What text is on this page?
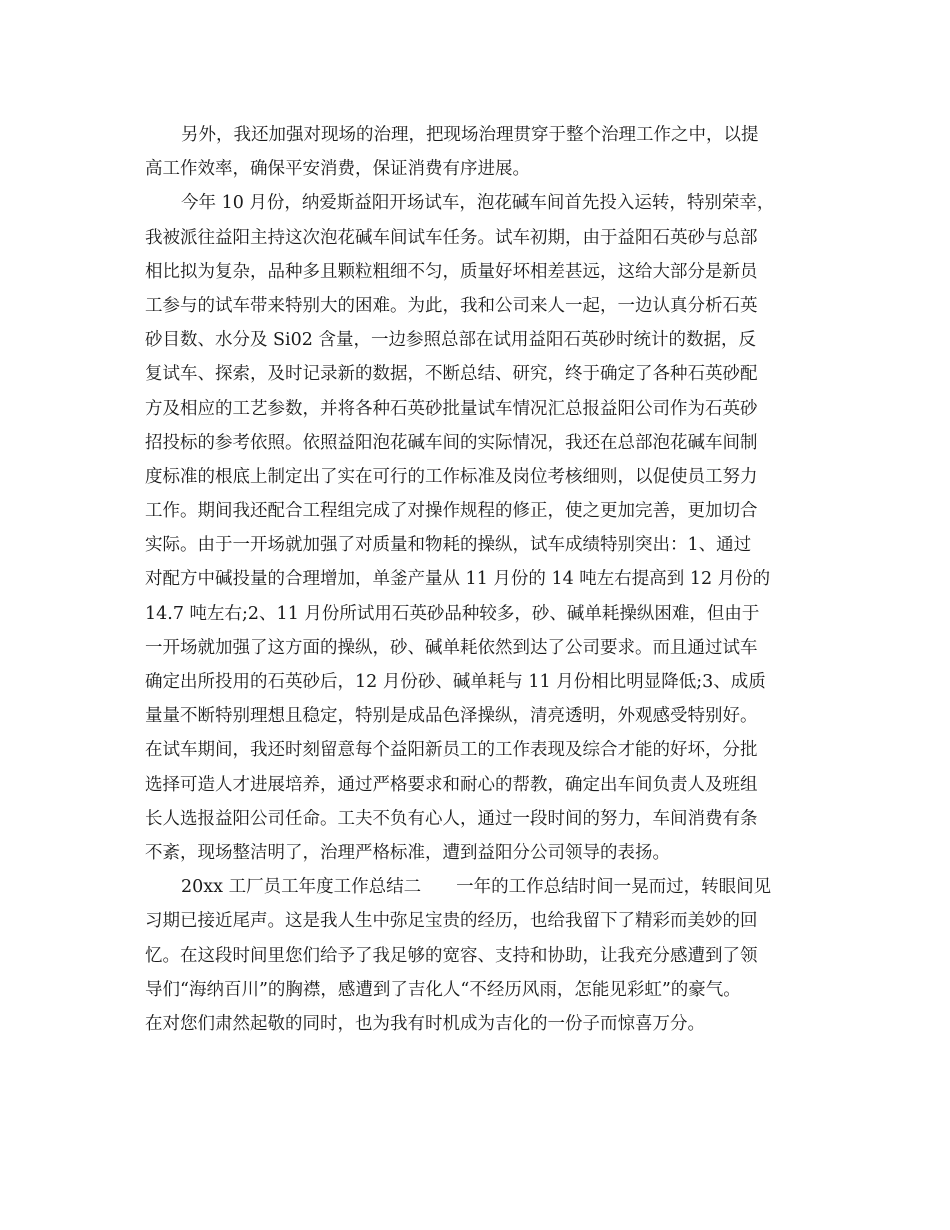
另外，我还加强对现场的治理，把现场治理贯穿于整个治理工作之中，以提
高工作效率，确保平安消费，保证消费有序进展。
今年 10 月份，纳爱斯益阳开场试车，泡花碱车间首先投入运转，特别荣幸，
我被派往益阳主持这次泡花碱车间试车任务。试车初期，由于益阳石英砂与总部
相比拟为复杂，品种多且颗粒粗细不匀，质量好坏相差甚远，这给大部分是新员
工参与的试车带来特别大的困难。为此，我和公司来人一起，一边认真分析石英
砂目数、水分及 Si02 含量，一边参照总部在试用益阳石英砂时统计的数据，反
复试车、探索，及时记录新的数据，不断总结、研究，终于确定了各种石英砂配
方及相应的工艺参数，并将各种石英砂批量试车情况汇总报益阳公司作为石英砂
招投标的参考依照。依照益阳泡花碱车间的实际情况，我还在总部泡花碱车间制
度标准的根底上制定出了实在可行的工作标准及岗位考核细则，以促使员工努力
工作。期间我还配合工程组完成了对操作规程的修正，使之更加完善，更加切合
实际。由于一开场就加强了对质量和物耗的操纵，试车成绩特别突出：1、通过
对配方中碱投量的合理增加，单釜产量从 11 月份的 14 吨左右提高到 12 月份的
14.7 吨左右;2、11 月份所试用石英砂品种较多，砂、碱单耗操纵困难，但由于
一开场就加强了这方面的操纵，砂、碱单耗依然到达了公司要求。而且通过试车
确定出所投用的石英砂后，12 月份砂、碱单耗与 11 月份相比明显降低;3、成质
量量不断特别理想且稳定，特别是成品色泽操纵，清亮透明，外观感受特别好。
在试车期间，我还时刻留意每个益阳新员工的工作表现及综合才能的好坏，分批
选择可造人才进展培养，通过严格要求和耐心的帮教，确定出车间负责人及班组
长人选报益阳公司任命。工夫不负有心人，通过一段时间的努力，车间消费有条
不紊，现场整洁明了，治理严格标准，遭到益阳分公司领导的表扬。
20xx 工厂员工年度工作总结二　　一年的工作总结时间一晃而过，转眼间见
习期已接近尾声。这是我人生中弥足宝贵的经历，也给我留下了精彩而美妙的回
忆。在这段时间里您们给予了我足够的宽容、支持和协助，让我充分感遭到了领
导们“海纳百川”的胸襟，感遭到了吉化人“不经历风雨，怎能见彩虹”的豪气。
在对您们肃然起敬的同时，也为我有时机成为吉化的一份子而惊喜万分。
